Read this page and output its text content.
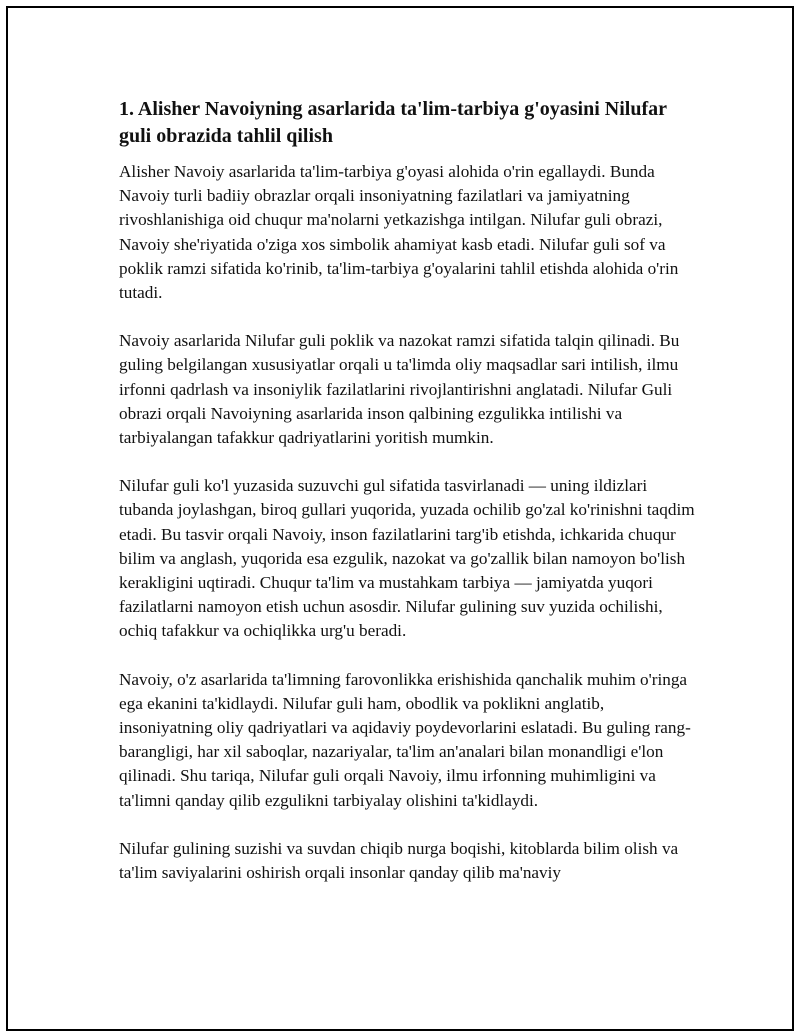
1. Alisher Navoiyning asarlarida ta'lim-tarbiya g'oyasini Nilufar guli obrazida tahlil qilish

Alisher Navoiy asarlarida ta'lim-tarbiya g'oyasi alohida o'rin egallaydi. Bunda Navoiy turli badiiy obrazlar orqali insoniyatning fazilatlari va jamiyatning rivoshlanishiga oid chuqur ma'nolarni yetkazishga intilgan. Nilufar guli obrazi, Navoiy she'riyatida o'ziga xos simbolik ahamiyat kasb etadi. Nilufar guli sof va poklik ramzi sifatida ko'rinib, ta'lim-tarbiya g'oyalarini tahlil etishda alohida o'rin tutadi.

Navoiy asarlarida Nilufar guli poklik va nazokat ramzi sifatida talqin qilinadi. Bu guling belgilangan xususiyatlar orqali u ta'limda oliy maqsadlar sari intilish, ilmu irfonni qadrlash va insoniylik fazilatlarini rivojlantirishni anglatadi. Nilufar Guli obrazi orqali Navoiyning asarlarida inson qalbining ezgulikka intilishi va tarbiyalangan tafakkur qadriyatlarini yoritish mumkin.

Nilufar guli ko'l yuzasida suzuvchi gul sifatida tasvirlanadi — uning ildizlari tubanda joylashgan, biroq gullari yuqorida, yuzada ochilib go'zal ko'rinishni taqdim etadi. Bu tasvir orqali Navoiy, inson fazilatlarini targ'ib etishda, ichkarida chuqur bilim va anglash, yuqorida esa ezgulik, nazokat va go'zallik bilan namoyon bo'lish kerakligini uqtiradi. Chuqur ta'lim va mustahkam tarbiya — jamiyatda yuqori fazilatlarni namoyon etish uchun asosdir. Nilufar gulining suv yuzida ochilishi, ochiq tafakkur va ochiqlikka urg'u beradi.

Navoiy, o'z asarlarida ta'limning farovonlikka erishishida qanchalik muhim o'ringa ega ekanini ta'kidlaydi. Nilufar guli ham, obodlik va poklikni anglatib, insoniyatning oliy qadriyatlari va aqidaviy poydevorlarini eslatadi. Bu guling rang-barangligi, har xil saboqlar, nazariyalar, ta'lim an'analari bilan monandligi e'lon qilinadi. Shu tariqa, Nilufar guli orqali Navoiy, ilmu irfonning muhimligini va ta'limni qanday qilib ezgulikni tarbiyalay olishini ta'kidlaydi.

Nilufar gulining suzishi va suvdan chiqib nurga boqishi, kitoblarda bilim olish va ta'lim saviyalarini oshirish orqali insonlar qanday qilib ma'naviy
